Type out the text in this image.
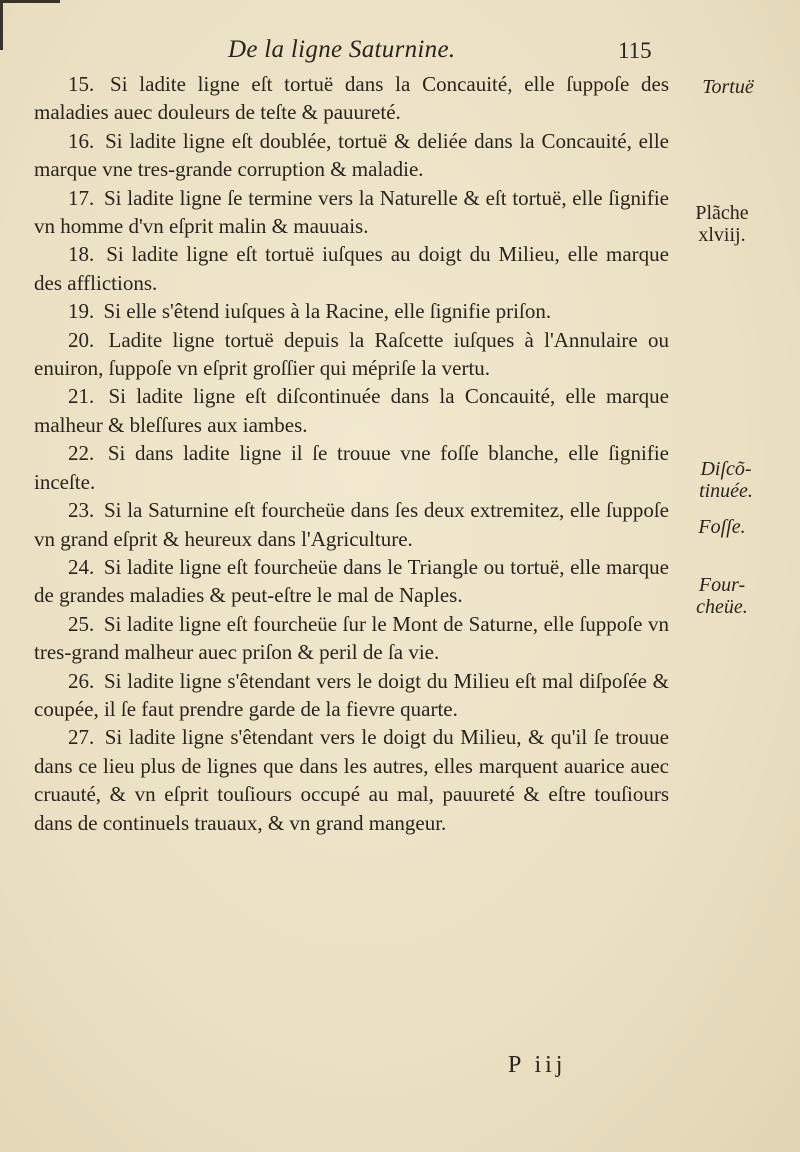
De la ligne Saturnine.	115

15. Si ladite ligne eſt tortuë dans la Concauité, elle ſuppoſe des maladies auec douleurs de teſte & pauureté.

16. Si ladite ligne eſt doublée, tortuë & deliée dans la Concauité, elle marque vne tres-grande corruption & maladie.

17. Si ladite ligne ſe termine vers la Naturelle & eſt tortuë, elle ſignifie vn homme d'vn eſprit malin & mauuais.

18. Si ladite ligne eſt tortuë iuſques au doigt du Milieu, elle marque des afflictions.

19. Si elle s'êtend iuſques à la Racine, elle ſignifie priſon.

20. Ladite ligne tortuë depuis la Raſcette iuſques à l'Annulaire ou enuiron, ſuppoſe vn eſprit groſſier qui mépriſe la vertu.

21. Si ladite ligne eſt diſcontinuée dans la Concauité, elle marque malheur & bleſſures aux iambes.

22. Si dans ladite ligne il ſe trouue vne foſſe blanche, elle ſignifie inceſte.

23. Si la Saturnine eſt fourcheüe dans ſes deux extremitez, elle ſuppoſe vn grand eſprit & heureux dans l'Agriculture.

24. Si ladite ligne eſt fourcheüe dans le Triangle ou tortuë, elle marque de grandes maladies & peut-eſtre le mal de Naples.

25. Si ladite ligne eſt fourcheüe ſur le Mont de Saturne, elle ſuppoſe vn tres-grand malheur auec priſon & peril de ſa vie.

26. Si ladite ligne s'êtendant vers le doigt du Milieu eſt mal diſpoſée & coupée, il ſe faut prendre garde de la fievre quarte.

27. Si ladite ligne s'êtendant vers le doigt du Milieu, & qu'il ſe trouue dans ce lieu plus de lignes que dans les autres, elles marquent auarice auec cruauté, & vn eſprit touſiours occupé au mal, pauureté & eſtre touſiours dans de continuels trauaux, & vn grand mangeur.

Tortuë
Plãche
xlviij.
Diſcõ-
tinuée.
Foſſe.
Four-
cheüe.
P iij
